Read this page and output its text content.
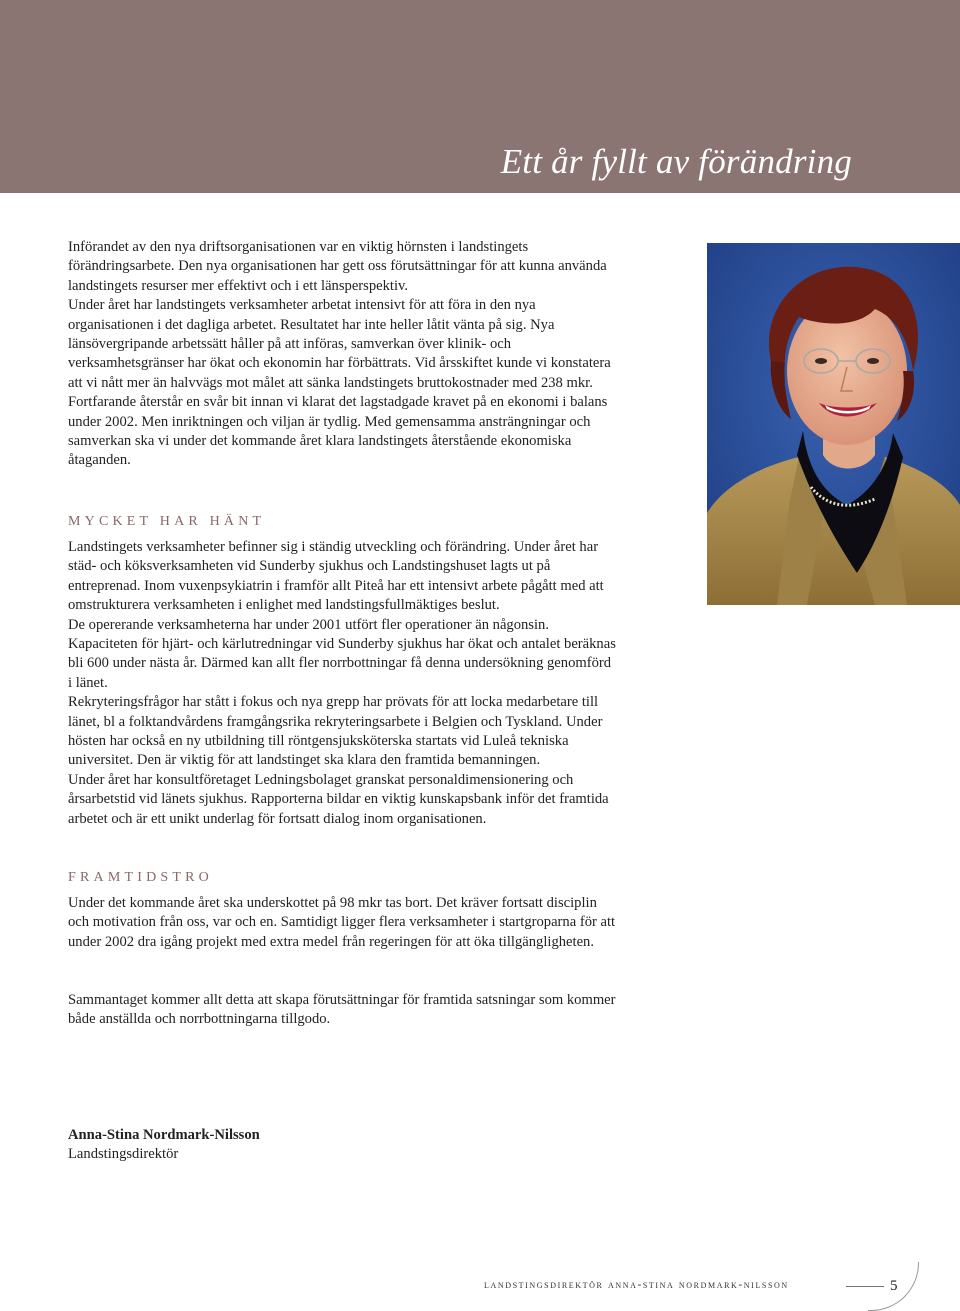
Ett år fyllt av förändring

Införandet av den nya driftsorganisationen var en viktig hörnsten i landstingets förändringsarbete. Den nya organisationen har gett oss förutsättningar för att kunna använda landstingets resurser mer effektivt och i ett länsperspektiv.

Under året har landstingets verksamheter arbetat intensivt för att föra in den nya organisationen i det dagliga arbetet. Resultatet har inte heller låtit vänta på sig. Nya länsövergripande arbetssätt håller på att införas, samverkan över klinik- och verksamhetsgränser har ökat och ekonomin har förbättrats. Vid årsskiftet kunde vi konstatera att vi nått mer än halvvägs mot målet att sänka landstingets bruttokostnader med 238 mkr.

Fortfarande återstår en svår bit innan vi klarat det lagstadgade kravet på en ekonomi i balans under 2002. Men inriktningen och viljan är tydlig. Med gemensamma ansträngningar och samverkan ska vi under det kommande året klara landstingets återstående ekonomiska åtaganden.

MYCKET HAR HÄNT

Landstingets verksamheter befinner sig i ständig utveckling och förändring. Under året har städ- och köksverksamheten vid Sunderby sjukhus och Landstingshuset lagts ut på entreprenad. Inom vuxenpsykiatrin i framför allt Piteå har ett intensivt arbete pågått med att omstrukturera verksamheten i enlighet med landstingsfullmäktiges beslut.

De opererande verksamheterna har under 2001 utfört fler operationer än någonsin. Kapaciteten för hjärt- och kärlutredningar vid Sunderby sjukhus har ökat och antalet beräknas bli 600 under nästa år. Därmed kan allt fler norrbottningar få denna undersökning genomförd i länet.

Rekryteringsfrågor har stått i fokus och nya grepp har prövats för att locka medarbetare till länet, bl a folktandvårdens framgångsrika rekryteringsarbete i Belgien och Tyskland. Under hösten har också en ny utbildning till röntgensjuksköterska startats vid Luleå tekniska universitet. Den är viktig för att landstinget ska klara den framtida bemanningen.

Under året har konsultföretaget Ledningsbolaget granskat personaldimensionering och årsarbetstid vid länets sjukhus. Rapporterna bildar en viktig kunskapsbank inför det framtida arbetet och är ett unikt underlag för fortsatt dialog inom organisationen.

FRAMTIDSTRO

Under det kommande året ska underskottet på 98 mkr tas bort. Det kräver fortsatt disciplin och motivation från oss, var och en. Samtidigt ligger flera verksamheter i startgroparna för att under 2002 dra igång projekt med extra medel från regeringen för att öka tillgängligheten.

Sammantaget kommer allt detta att skapa förutsättningar för framtida satsningar som kommer både anställda och norrbottningarna tillgodo.

Anna-Stina Nordmark-Nilsson
Landstingsdirektör
landstingsdirektör anna-stina nordmark-nilsson	5
